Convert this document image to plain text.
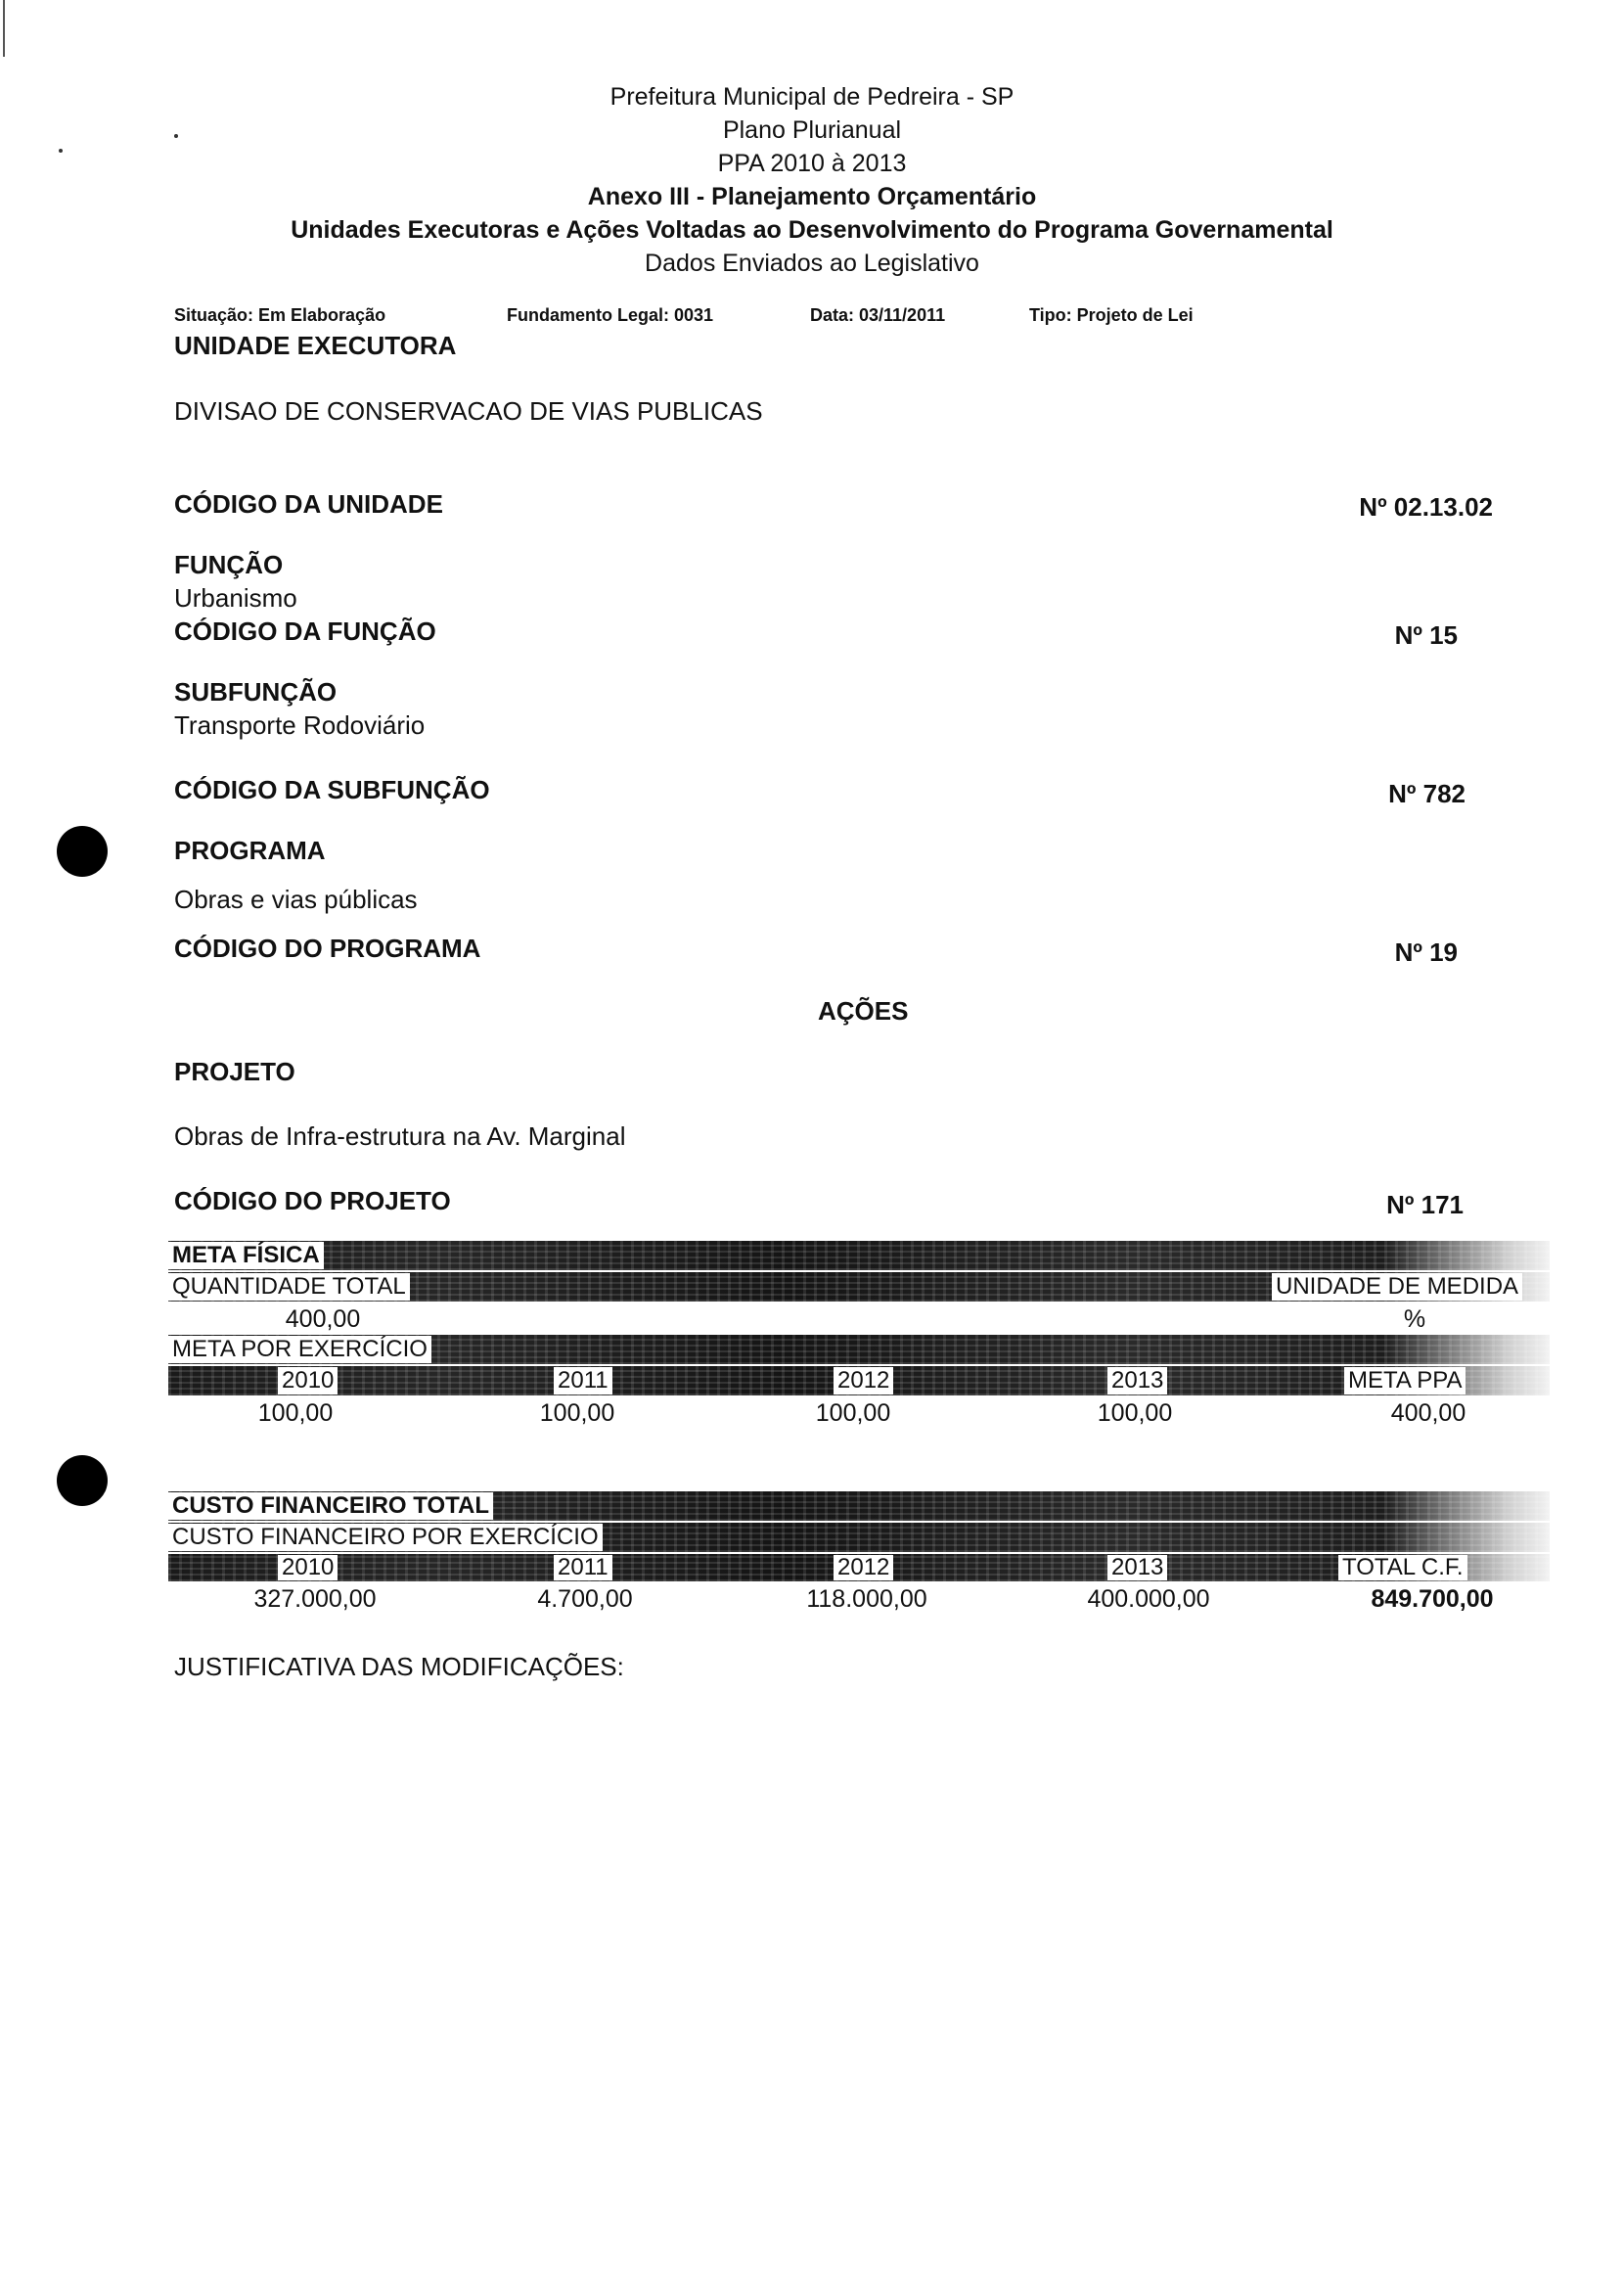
Prefeitura Municipal de Pedreira - SP
Plano Plurianual
PPA 2010 à 2013
Anexo III - Planejamento Orçamentário
Unidades Executoras e Ações Voltadas ao Desenvolvimento do Programa Governamental
Dados Enviados ao Legislativo
Situação: Em Elaboração	Fundamento Legal: 0031	Data: 03/11/2011	Tipo: Projeto de Lei
UNIDADE EXECUTORA
DIVISAO DE CONSERVACAO DE VIAS PUBLICAS
CÓDIGO DA UNIDADE	Nº 02.13.02
FUNÇÃO
Urbanismo
CÓDIGO DA FUNÇÃO	Nº 15
SUBFUNÇÃO
Transporte Rodoviário
CÓDIGO DA SUBFUNÇÃO	Nº 782
PROGRAMA
Obras e vias públicas
CÓDIGO DO PROGRAMA	Nº 19
AÇÕES
PROJETO
Obras de Infra-estrutura na Av. Marginal
CÓDIGO DO PROJETO	Nº 171
META FÍSICA
QUANTIDADE TOTAL	UNIDADE DE MEDIDA
400,00	%
META POR EXERCÍCIO
2010	2011	2012	2013	META PPA
100,00	100,00	100,00	100,00	400,00
CUSTO FINANCEIRO TOTAL
CUSTO FINANCEIRO POR EXERCÍCIO
2010	2011	2012	2013	TOTAL C.F.
327.000,00	4.700,00	118.000,00	400.000,00	849.700,00
JUSTIFICATIVA DAS MODIFICAÇÕES:
